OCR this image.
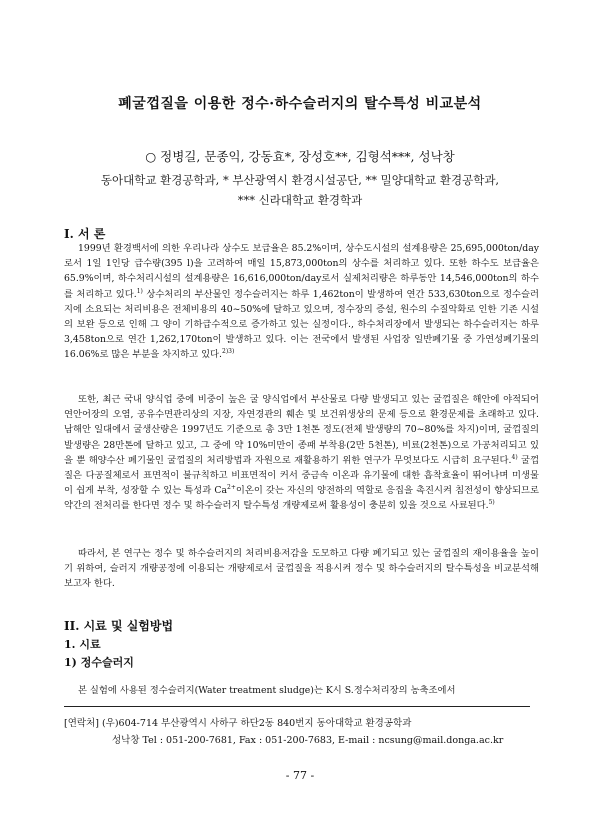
폐굴껍질을 이용한 정수·하수슬러지의 탈수특성 비교분석
○ 정병길, 문종익, 강동효*, 장성호**, 김형석***, 성낙창
동아대학교 환경공학과, * 부산광역시 환경시설공단, ** 밀양대학교 환경공학과,
*** 신라대학교 환경학과
I. 서 론

1999년 환경백서에 의한 우리나라 상수도 보급율은 85.2%이며, 상수도시설의 설계용량은 25,695,000ton/day로서 1일 1인당 급수량(395 l)을 고려하여 매일 15,873,000ton의 상수를 처리하고 있다. 또한 하수도 보급율은 65.9%이며, 하수처리시설의 설계용량은 16,616,000ton/day로서 실제처리량은 하루동안 14,546,000ton의 하수를 처리하고 있다.$^{1)}$ 상수처리의 부산물인 정수슬러지는 하루 1,462ton이 발생하여 연간 533,630ton으로 정수슬러지에 소요되는 처리비용은 전체비용의 40~50%에 달하고 있으며, 정수장의 증설, 원수의 수질악화로 인한 기존 시설의 보완 등으로 인해 그 양이 기하급수적으로 증가하고 있는 실정이다., 하수처리장에서 발생되는 하수슬러지는 하루 3,458ton으로 연간 1,262,170ton이 발생하고 있다. 이는 전국에서 발생된 사업장 일반폐기물 중 가연성폐기물의 16.06%로 많은 부분을 차지하고 있다.$^{2)3)}$

또한, 최근 국내 양식업 중에 비중이 높은 굴 양식업에서 부산물로 다량 발생되고 있는 굴껍질은 해안에 야적되어 연안어장의 오염, 공유수면관리상의 지장, 자연경관의 훼손 및 보건위생상의 문제 등으로 환경문제를 초래하고 있다. 남해안 일대에서 굴생산량은 1997년도 기준으로 총 3만 1천톤 정도(전체 발생량의 70~80%를 차지)이며, 굴껍질의 발생량은 28만톤에 달하고 있고, 그 중에 약 10%미만이 종패 부착용(2만 5천톤), 비료(2천톤)으로 가공처리되고 있을 뿐 해양수산 폐기물인 굴껍질의 처리방법과 자원으로 재활용하기 위한 연구가 무엇보다도 시급히 요구된다.$^{4)}$ 굴껍질은 다공질체로서 표면적이 불규칙하고 비표면적이 커서 중금속 이온과 유기물에 대한 흡착효율이 뛰어나며 미생물이 쉽게 부착, 성장할 수 있는 특성과 $Ca^{2+}$이온이 갖는 자신의 양전하의 역할로 응집을 촉진시켜 침전성이 향상되므로 약간의 전처리를 한다면 정수 및 하수슬러지 탈수특성 개량제로써 활용성이 충분히 있을 것으로 사료된다.$^{5)}$

따라서, 본 연구는 정수 및 하수슬러지의 처리비용저감을 도모하고 다량 폐기되고 있는 굴껍질의 재이용율을 높이기 위하여, 슬러지 개량공정에 이용되는 개량제로서 굴껍질을 적용시켜 정수 및 하수슬러지의 탈수특성을 비교분석해 보고자 한다.

II. 시료 및 실험방법
1. 시료
1) 정수슬러지

본 실험에 사용된 정수슬러지(Water treatment sludge)는 K시 S.정수처리장의 농축조에서

[연락처] (우)604-714 부산광역시 사하구 하단2동 840번지 동아대학교 환경공학과
성낙창 Tel : 051-200-7681, Fax : 051-200-7683, E-mail : ncsung@mail.donga.ac.kr
- 77 -
